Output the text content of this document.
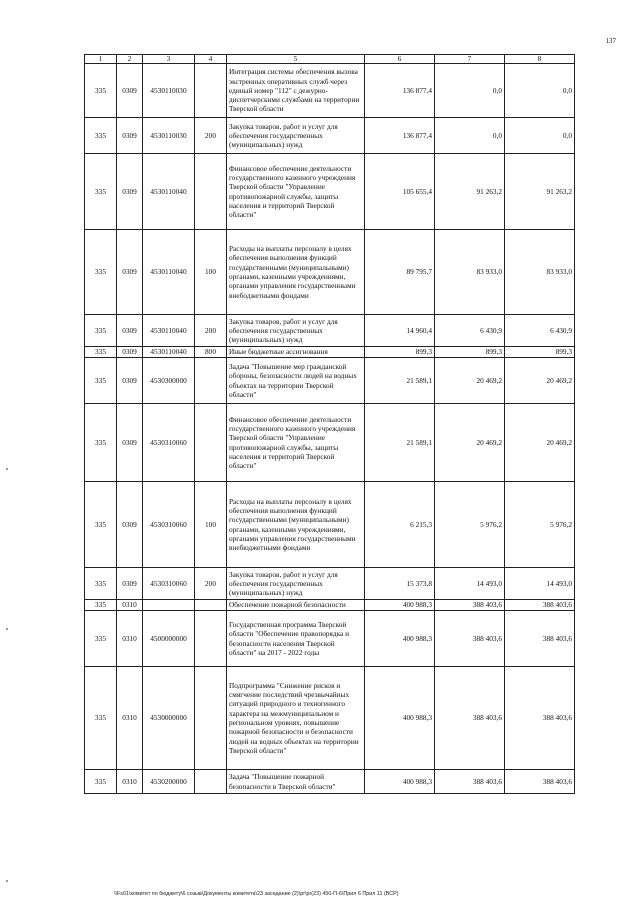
137
1	2	3	4	5	6	7	8
335	0309	4530110030		Интеграция системы обеспечения вызова экстренных оперативных служб через единый номер "112" с дежурно-диспетчерскими службами на территории Тверской области	136 877,4	0,0	0,0
335	0309	4530110030	200	Закупка товаров, работ и услуг для обеспечения государственных (муниципальных) нужд	136 877,4	0,0	0,0
335	0309	4530110040		Финансовое обеспечение деятельности государственного казенного учреждения Тверской области "Управление противопожарной службы, защиты населения и территорий Тверской области"	105 655,4	91 263,2	91 263,2
335	0309	4530110040	100	Расходы на выплаты персоналу в целях обеспечения выполнения функций государственными (муниципальными) органами, казенными учреждениями, органами управления государственными внебоджетными фондами	89 795,7	83 933,0	83 933,0
335	0309	4530110040	200	Закупка товаров, работ и услуг для обеспечения государственных (муниципальных) нужд	14 960,4	6 430,9	6 430,9
335	0309	4530110040	800	Иные бюджетные ассигнования	899,3	899,3	899,3
335	0309	4530300000		Задача "Повышение мер гражданской обороны, безопасности людей на водных объектах на территории Тверской области"	21 589,1	20 469,2	20 469,2
335	0309	4530310060		Финансовое обеспечение деятельности государственного казенного учреждения Тверской области "Управление противопожарной службы, защиты населения и территорий Тверской области"	21 589,1	20 469,2	20 469,2
335	0309	4530310060	100	Расходы на выплаты персоналу в целях обеспечения выполнения функций государственными (муниципальными) органами, казенными учреждениями, органами управления государственными внебюджетными фондами	6 215,3	5 976,2	5 976,2
335	0309	4530310060	200	Закупка товаров, работ и услуг для обеспечения государственных (муниципальных) нужд	15 373,8	14 493,0	14 493,0
335	0310			Обеспечение пожарной безопасности	400 988,3	388 403,6	388 403,6
335	0310	4500000000		Государственная программа Тверской области "Обеспечение правопорядка и безопасности населения Тверской области" на 2017 - 2022 годы	400 988,3	388 403,6	388 403,6
335	0310	4530000000		Подпрограмма "Снижение рисков и смягчение последствий чрезвычайных ситуаций природного и техногенного характера на межмуниципальном и региональном уровнях, повышение пожарной безопасности и безопасности людей на водных объектах на территории Тверской области"	400 988,3	388 403,6	388 403,6
335	0310	4530200000		Задача "Повышение пожарной безопасности в Тверской области"	400 988,3	388 403,6	388 403,6
\\Fs01\комитет по бюджету\6 созыв\Документы комитета\23 заседание (2)\pr\pr(23) 450-П-6\Прил 6 Прил 11 (ВСР)
